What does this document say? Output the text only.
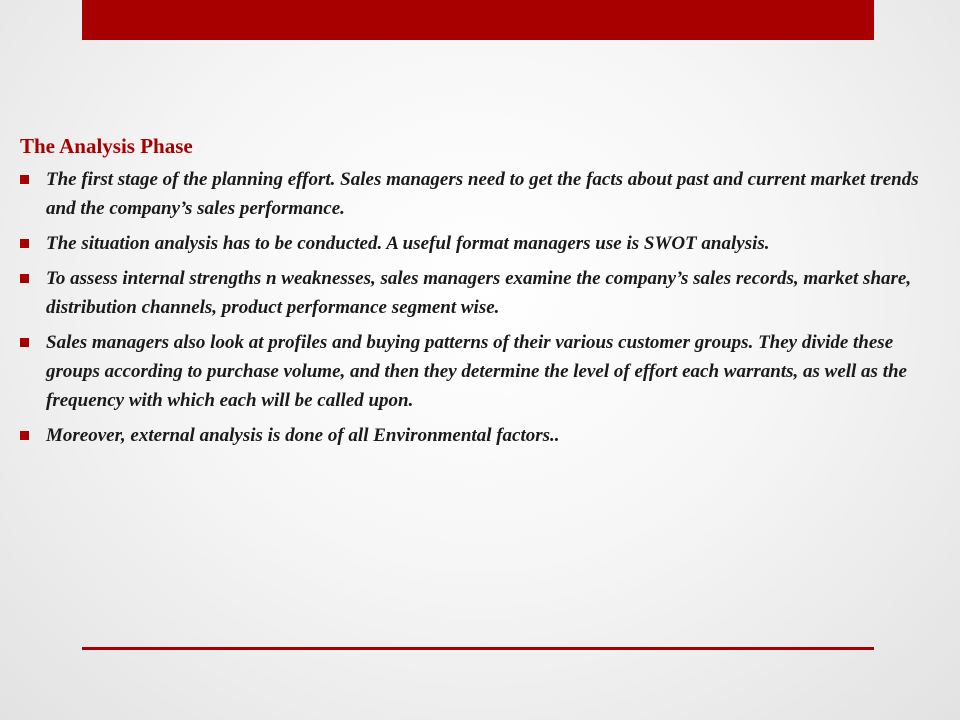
The Analysis Phase
The first stage of the planning effort. Sales managers need to get the facts about past and current market trends and the company’s sales performance.
The situation analysis has to be conducted. A useful format managers use is SWOT analysis.
To assess internal strengths n weaknesses, sales managers examine the company’s sales records, market share, distribution channels, product performance segment wise.
Sales managers also look at profiles and buying patterns of their various customer groups. They divide these groups according to purchase volume, and then they determine the level of effort each warrants, as well as the frequency with which each will be called upon.
Moreover, external analysis is done of all Environmental factors..
